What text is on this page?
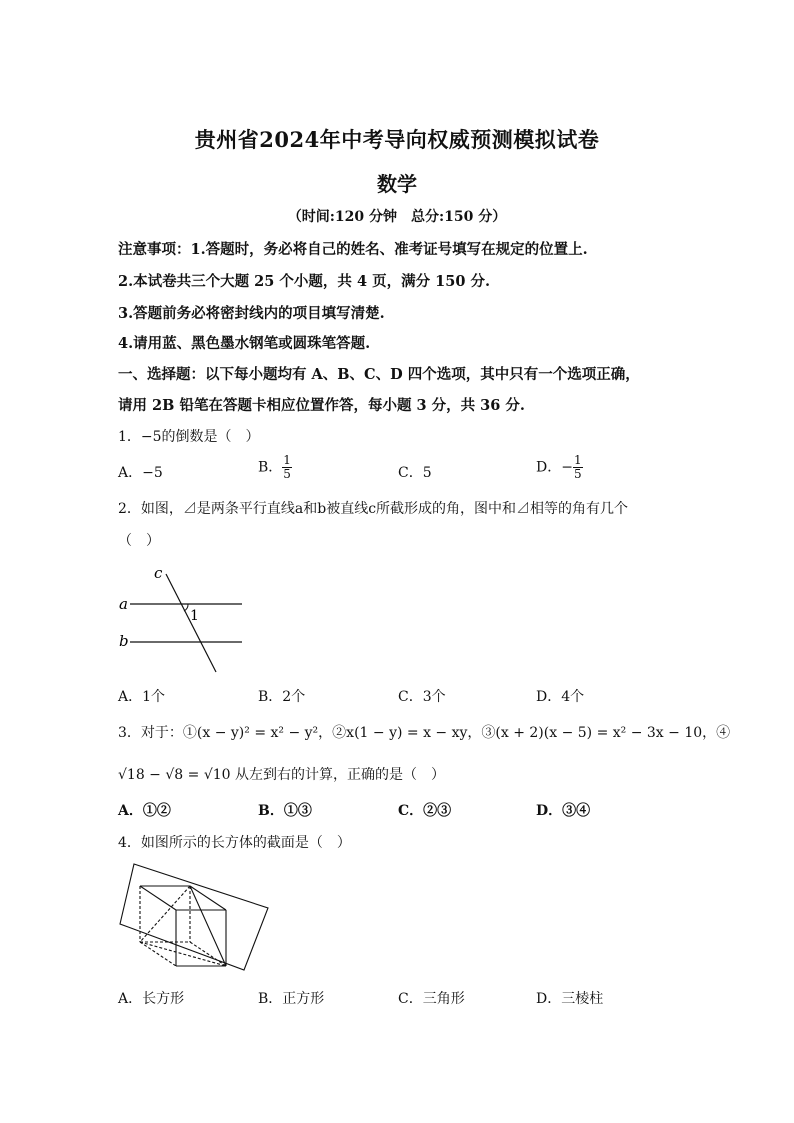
贵州省2024年中考导向权威预测模拟试卷
数学
（时间:120 分钟　总分:150 分）
注意事项：1.答题时，务必将自己的姓名、准考证号填写在规定的位置上.
2.本试卷共三个大题 25 个小题，共 4 页，满分 150 分.
3.答题前务必将密封线内的项目填写清楚.
4.请用蓝、黑色墨水钢笔或圆珠笔答题.
一、选择题：以下每小题均有 A、B、C、D 四个选项，其中只有一个选项正确，
请用 2B 铅笔在答题卡相应位置作答，每小题 3 分，共 36 分.
1．−5的倒数是（　）
A．−5	B． $\frac{1}{5}$	C．5	D．− $\frac{1}{5}$
2．如图，⊿是两条平行直线a和b被直线c所截形成的角，图中和⊿相等的角有几个
（　）
a
b
c
1
A．1个	B．2个	C．3个	D．4个
3．对于：①(x − y)² = x² − y²，②x(1 − y) = x − xy，③(x + 2)(x − 5) = x² − 3x − 10，④
√18 − √8 = √10 从左到右的计算，正确的是（　）
A．①②	B．①③	C．②③	D．③④
4．如图所示的长方体的截面是（　）
A．长方形	B．正方形	C．三角形	D．三棱柱
